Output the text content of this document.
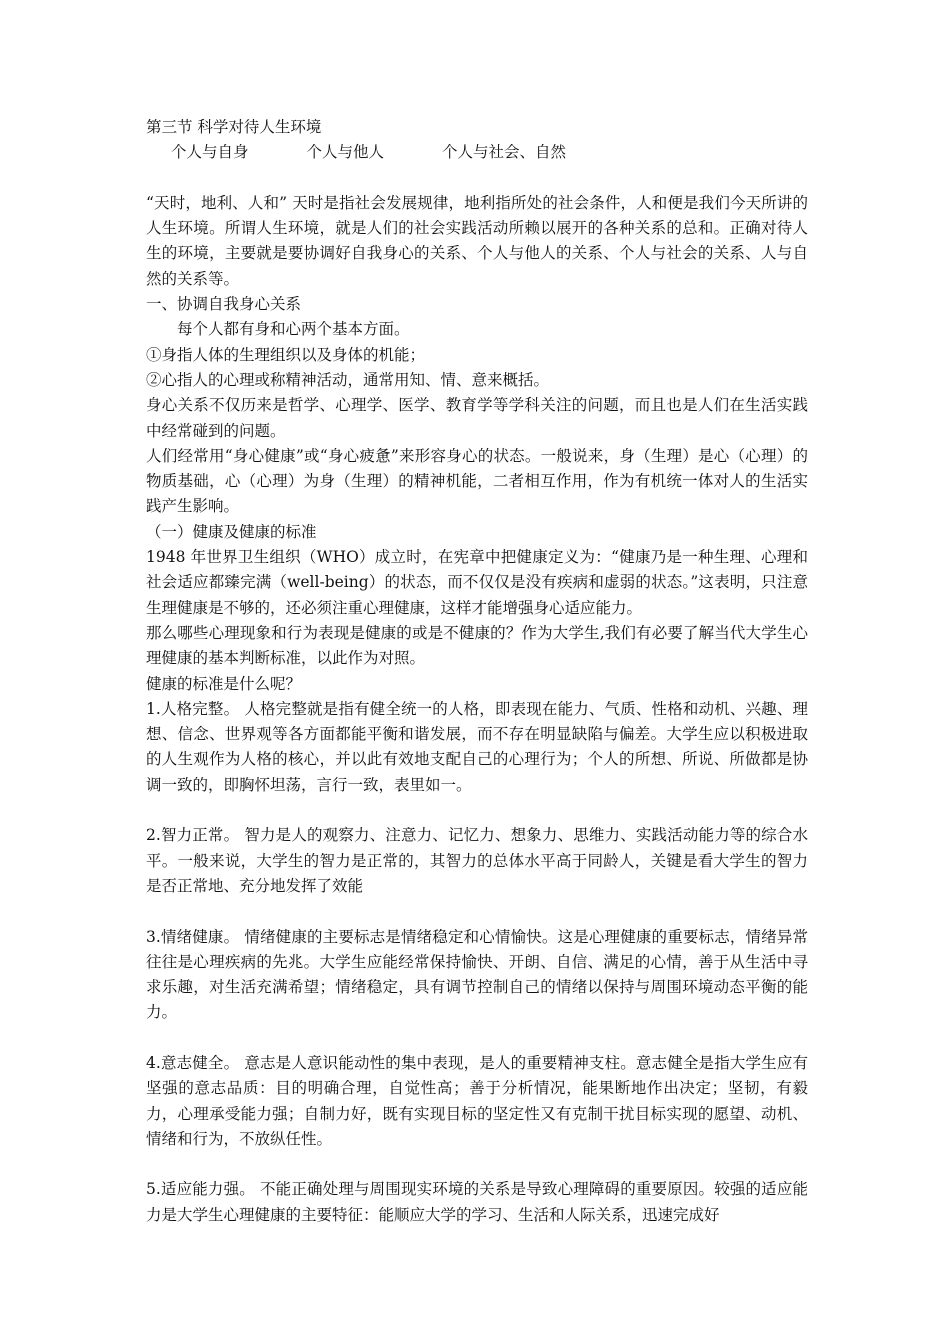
第三节 科学对待人生环境

个人与自身	个人与他人	个人与社会、自然

“天时，地利、人和” 天时是指社会发展规律，地利指所处的社会条件，人和便是我们今天所讲的人生环境。所谓人生环境，就是人们的社会实践活动所赖以展开的各种关系的总和。正确对待人生的环境，主要就是要协调好自我身心的关系、个人与他人的关系、个人与社会的关系、人与自然的关系等。

一、协调自我身心关系

每个人都有身和心两个基本方面。

①身指人体的生理组织以及身体的机能；

②心指人的心理或称精神活动，通常用知、情、意来概括。

身心关系不仅历来是哲学、心理学、医学、教育学等学科关注的问题，而且也是人们在生活实践中经常碰到的问题。

人们经常用“身心健康”或“身心疲惫”来形容身心的状态。一般说来，身（生理）是心（心理）的物质基础，心（心理）为身（生理）的精神机能，二者相互作用，作为有机统一体对人的生活实践产生影响。

（一）健康及健康的标准

1948 年世界卫生组织（WHO）成立时，在宪章中把健康定义为：“健康乃是一种生理、心理和社会适应都臻完满（well-being）的状态，而不仅仅是没有疾病和虚弱的状态。”这表明，只注意生理健康是不够的，还必须注重心理健康，这样才能增强身心适应能力。

那么哪些心理现象和行为表现是健康的或是不健康的？作为大学生,我们有必要了解当代大学生心理健康的基本判断标准，以此作为对照。

健康的标准是什么呢？

1.人格完整。 人格完整就是指有健全统一的人格，即表现在能力、气质、性格和动机、兴趣、理想、信念、世界观等各方面都能平衡和谐发展，而不存在明显缺陷与偏差。大学生应以积极进取的人生观作为人格的核心，并以此有效地支配自己的心理行为；个人的所想、所说、所做都是协调一致的，即胸怀坦荡，言行一致，表里如一。

2.智力正常。 智力是人的观察力、注意力、记忆力、想象力、思维力、实践活动能力等的综合水平。一般来说，大学生的智力是正常的，其智力的总体水平高于同龄人，关键是看大学生的智力是否正常地、充分地发挥了效能

3.情绪健康。 情绪健康的主要标志是情绪稳定和心情愉快。这是心理健康的重要标志，情绪异常往往是心理疾病的先兆。大学生应能经常保持愉快、开朗、自信、满足的心情，善于从生活中寻求乐趣，对生活充满希望；情绪稳定，具有调节控制自己的情绪以保持与周围环境动态平衡的能力。

4.意志健全。 意志是人意识能动性的集中表现，是人的重要精神支柱。意志健全是指大学生应有坚强的意志品质：目的明确合理，自觉性高；善于分析情况，能果断地作出决定；坚韧，有毅力，心理承受能力强；自制力好，既有实现目标的坚定性又有克制干扰目标实现的愿望、动机、情绪和行为，不放纵任性。

5.适应能力强。 不能正确处理与周围现实环境的关系是导致心理障碍的重要原因。较强的适应能力是大学生心理健康的主要特征：能顺应大学的学习、生活和人际关系，迅速完成好
